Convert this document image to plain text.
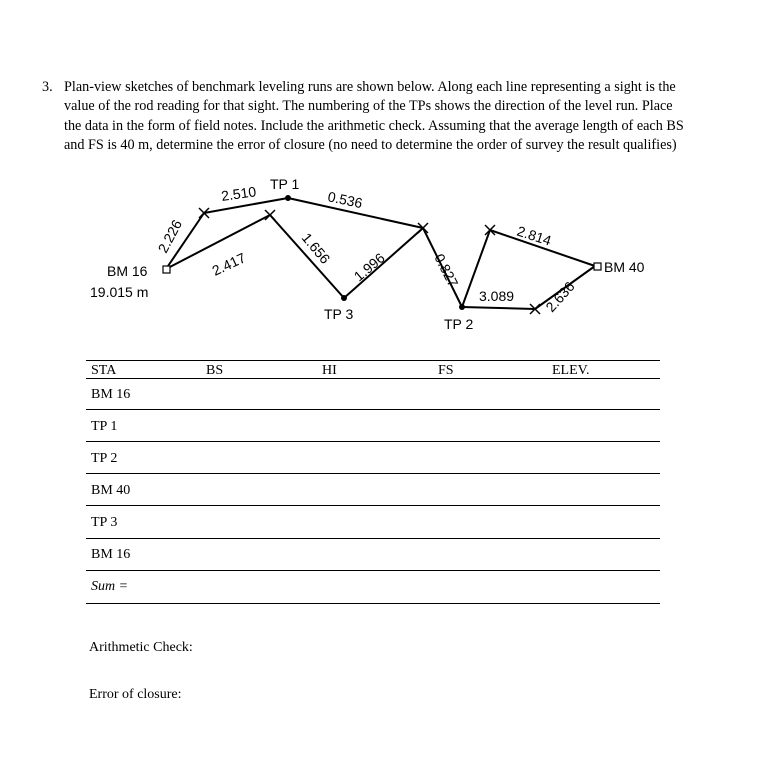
3. Plan-view sketches of benchmark leveling runs are shown below. Along each line representing a sight is the
value of the rod reading for that sight. The numbering of the TPs shows the direction of the level run. Place
the data in the form of field notes. Include the arithmetic check. Assuming that the average length of each BS
and FS is 40 m, determine the error of closure (no need to determine the order of survey the result qualifies)
BM 16
19.015 m
TP 1
TP 3
TP 2
BM 40
2.226
2.510	0.536
2.417	1.656
1.996	0.827
2.814
3.089 2.636
STA	BS	HI	FS	ELEV.
BM 16
TP 1
TP 2
BM 40
TP 3
BM 16
Sum =
Arithmetic Check:
Error of closure:
